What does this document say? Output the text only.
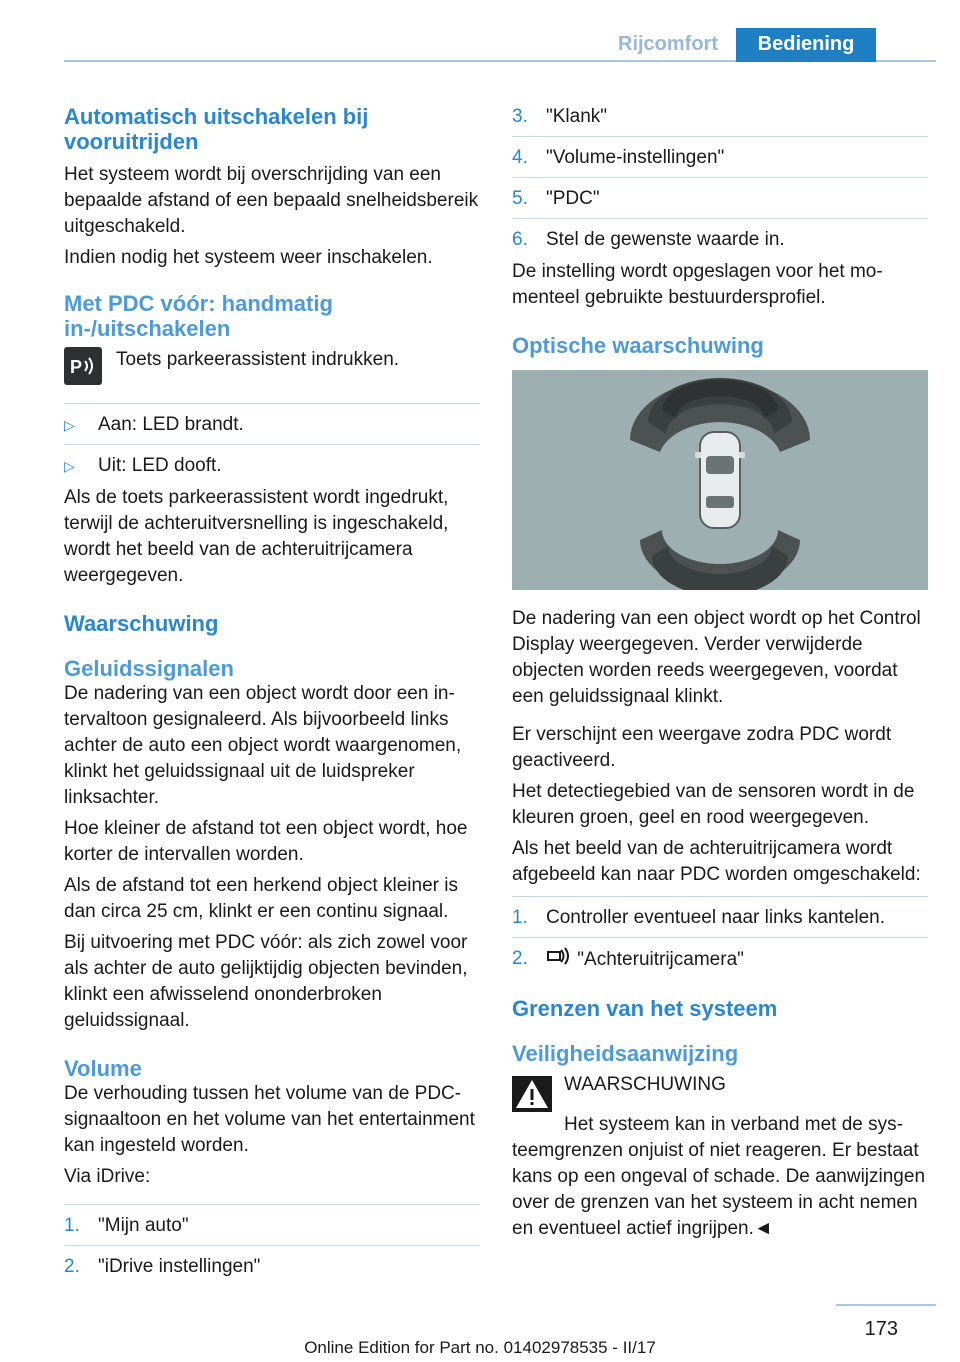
Rijcomfort	Bediening
Automatisch uitschakelen bij vooruitrijden

Het systeem wordt bij overschrijding van een bepaalde afstand of een bepaald snelheidsbereik uitgeschakeld.

Indien nodig het systeem weer inschakelen.

Met PDC vóór: handmatig in-/uitschakelen
P Toets parkeerassistent indrukken.

▷ Aan: LED brandt.
▷ Uit: LED dooft.

Als de toets parkeerassistent wordt ingedrukt, terwijl de achteruitversnelling is ingeschakeld, wordt het beeld van de achteruitrijcamera weergegeven.

Waarschuwing
Geluidssignalen

De nadering van een object wordt door een intervaltoon gesignaleerd. Als bijvoorbeeld links achter de auto een object wordt waargenomen, klinkt het geluidssignaal uit de luidspreker linksachter.

Hoe kleiner de afstand tot een object wordt, hoe korter de intervallen worden.

Als de afstand tot een herkend object kleiner is dan circa 25 cm, klinkt er een continu signaal.

Bij uitvoering met PDC vóór: als zich zowel voor als achter de auto gelijktijdig objecten bevinden, klinkt een afwisselend ononderbroken geluidssignaal.

Volume

De verhouding tussen het volume van de PDC-signaaltoon en het volume van het entertainment kan ingesteld worden.

Via iDrive:

1. "Mijn auto"
2. "iDrive instellingen"
3. "Klank"
4. "Volume-instellingen"
5. "PDC"
6. Stel de gewenste waarde in.

De instelling wordt opgeslagen voor het momenteel gebruikte bestuurdersprofiel.

Optische waarschuwing

De nadering van een object wordt op het Control Display weergegeven. Verder verwijderde objecten worden reeds weergegeven, voordat een geluidssignaal klinkt.

Er verschijnt een weergave zodra PDC wordt geactiveerd.

Het detectiegebied van de sensoren wordt in de kleuren groen, geel en rood weergegeven.

Als het beeld van de achteruitrijcamera wordt afgebeeld kan naar PDC worden omgeschakeld:

1. Controller eventueel naar links kantelen.
2.	"Achteruitrijcamera"
Grenzen van het systeem
Veiligheidsaanwijzing

WAARSCHUWING

Het systeem kan in verband met de systeemgrenzen onjuist of niet reageren. Er bestaat kans op een ongeval of schade. De aanwijzingen over de grenzen van het systeem in acht nemen en eventueel actief ingrijpen.◄

173
Online Edition for Part no. 01402978535 - II/17
